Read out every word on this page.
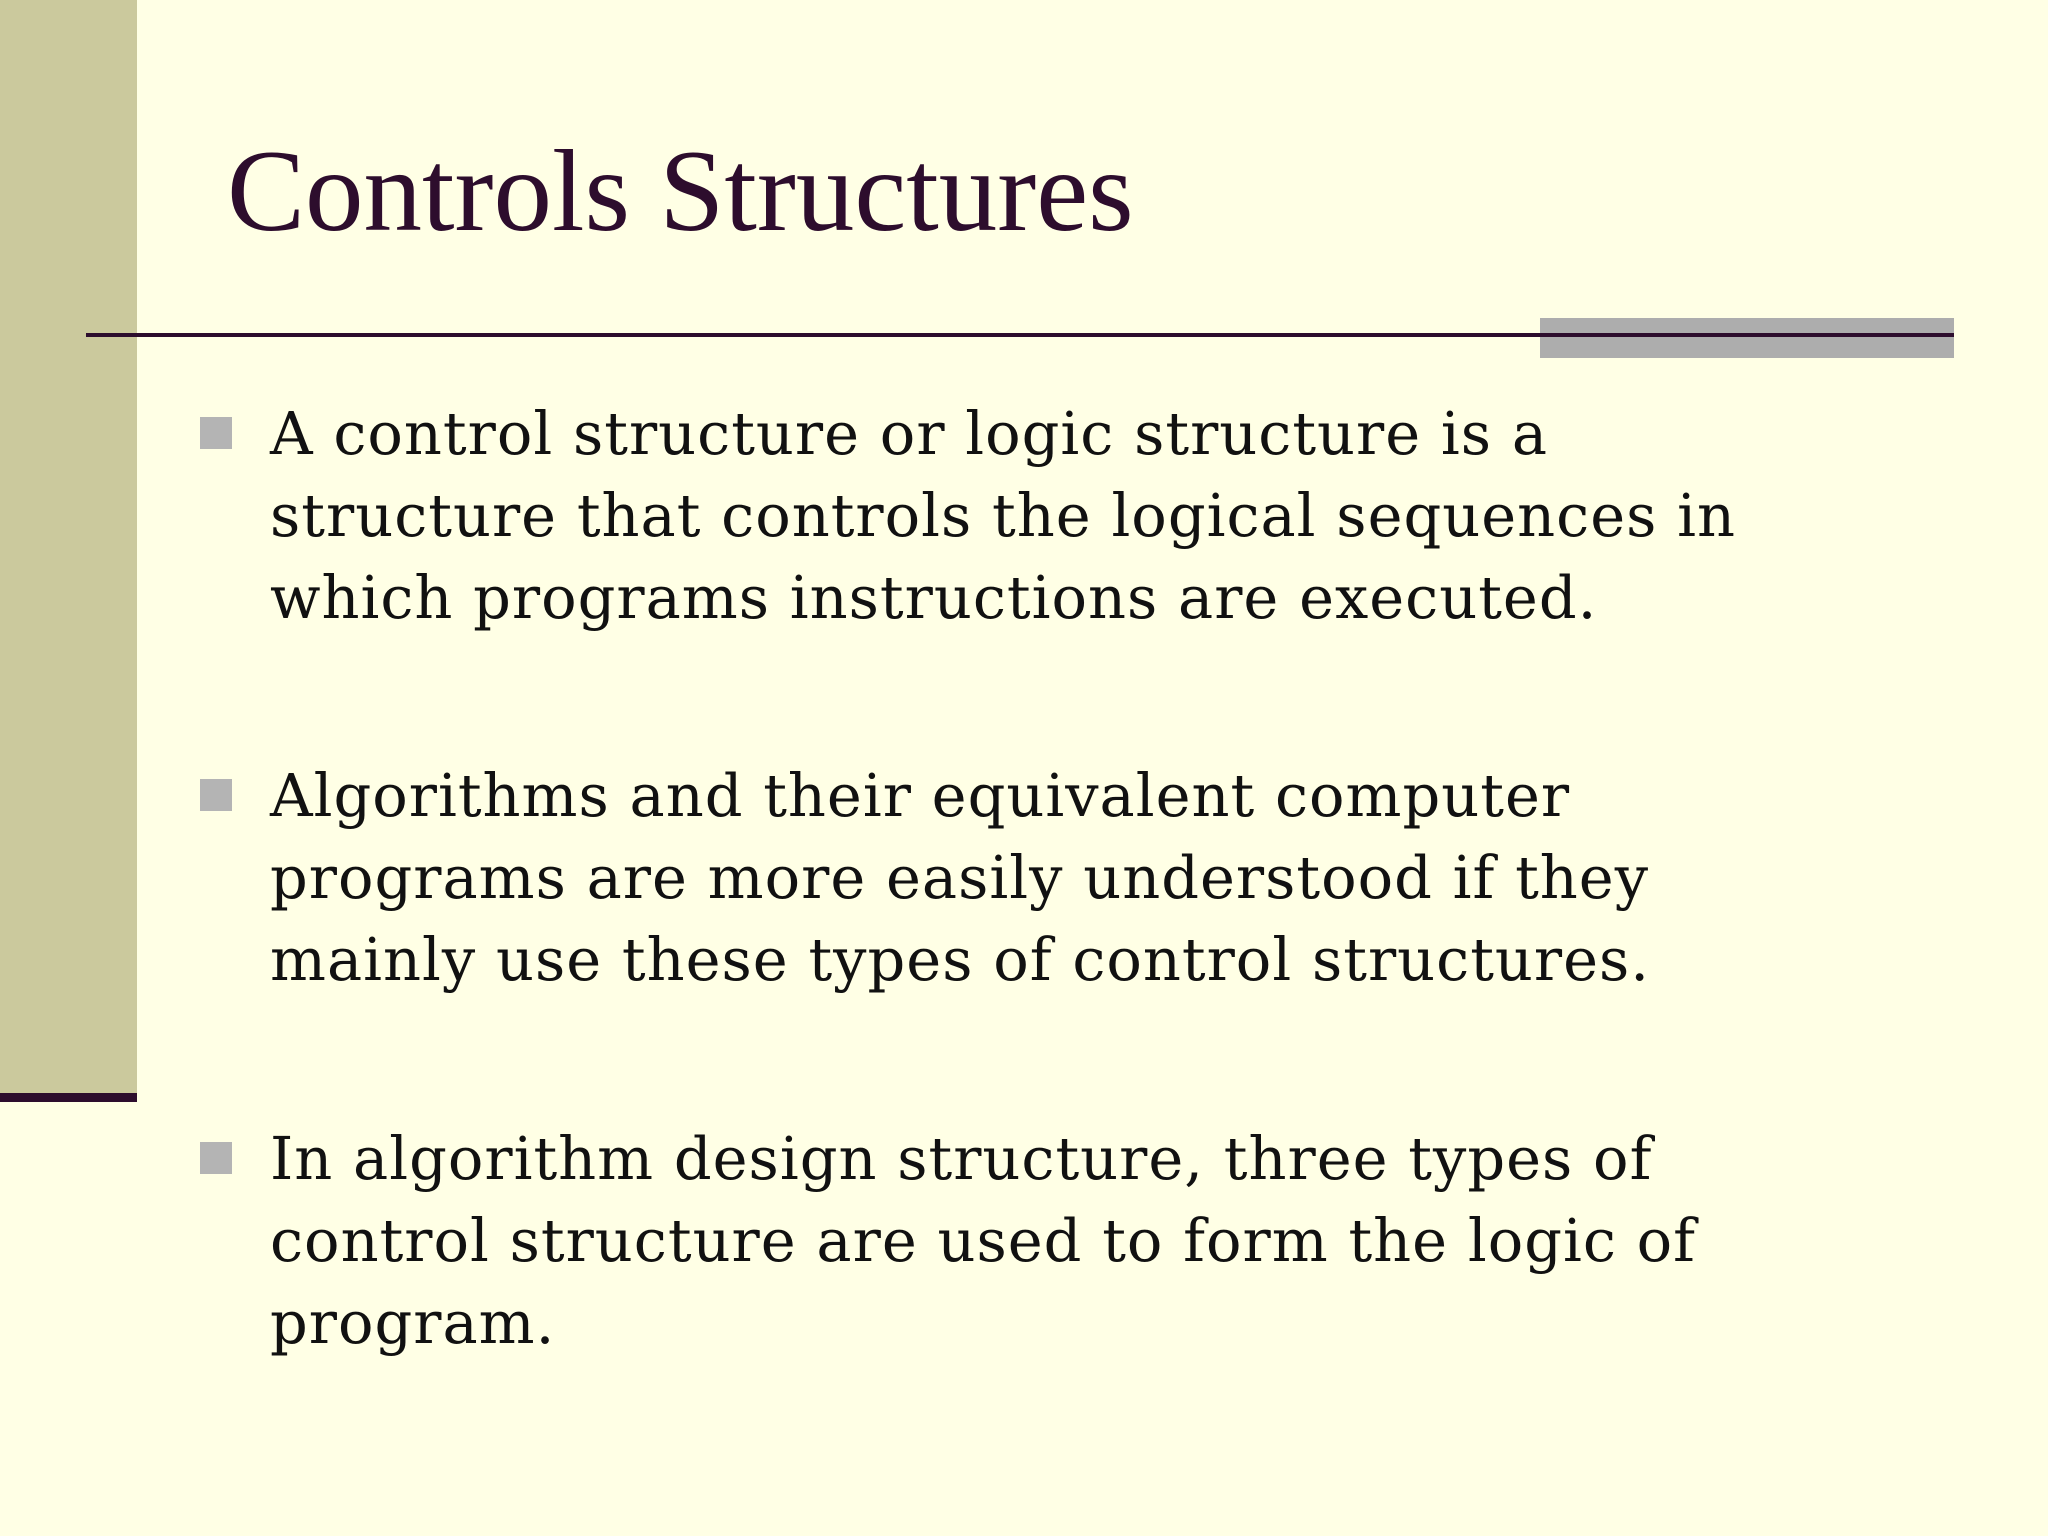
Controls Structures

A control structure or logic structure is a
structure that controls the logical sequences in
which programs instructions are executed.

Algorithms and their equivalent computer
programs are more easily understood if they
mainly use these types of control structures.

In algorithm design structure, three types of
control structure are used to form the logic of
program.
